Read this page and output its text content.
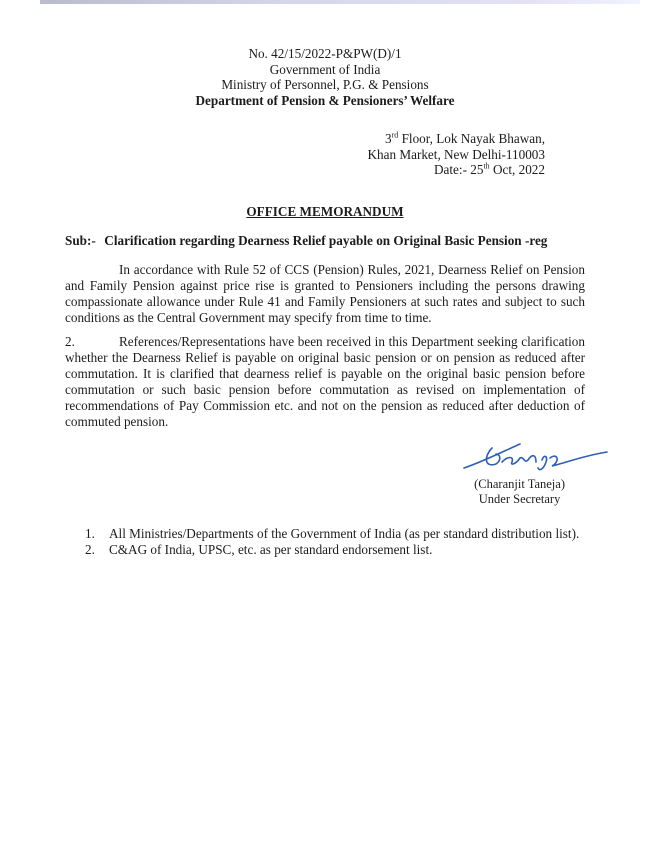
No. 42/15/2022-P&PW(D)/1
Government of India
Ministry of Personnel, P.G. & Pensions
Department of Pension & Pensioners’ Welfare
3rd Floor, Lok Nayak Bhawan,
Khan Market, New Delhi-110003
Date:- 25th Oct, 2022
OFFICE MEMORANDUM
Sub:- Clarification regarding Dearness Relief payable on Original Basic Pension -reg
In accordance with Rule 52 of CCS (Pension) Rules, 2021, Dearness Relief on Pension and Family Pension against price rise is granted to Pensioners including the persons drawing compassionate allowance under Rule 41 and Family Pensioners at such rates and subject to such conditions as the Central Government may specify from time to time.
2.	References/Representations have been received in this Department seeking clarification whether the Dearness Relief is payable on original basic pension or on pension as reduced after commutation. It is clarified that dearness relief is payable on the original basic pension before commutation or such basic pension before commutation as revised on implementation of recommendations of Pay Commission etc. and not on the pension as reduced after deduction of commuted pension.
(Charanjit Taneja)
Under Secretary
1. All Ministries/Departments of the Government of India (as per standard distribution list).
2. C&AG of India, UPSC, etc. as per standard endorsement list.
